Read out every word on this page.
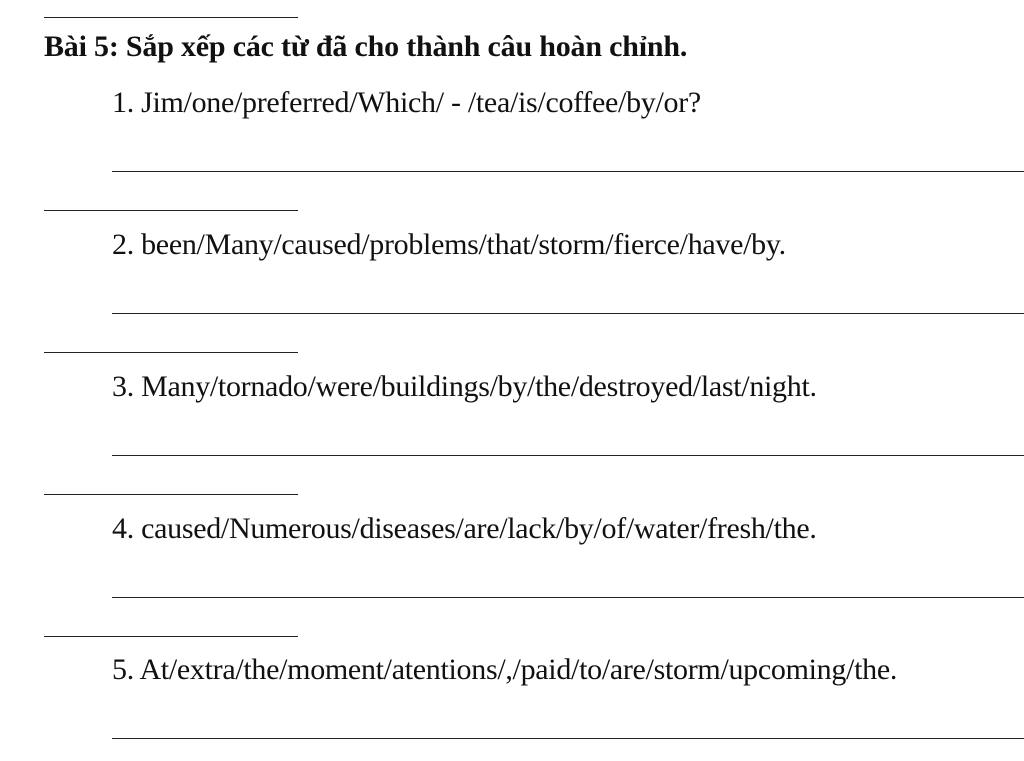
Bài 5: Sắp xếp các từ đã cho thành câu hoàn chỉnh.
1. Jim/one/preferred/Which/ - /tea/is/coffee/by/or?
2. been/Many/caused/problems/that/storm/fierce/have/by.
3. Many/tornado/were/buildings/by/the/destroyed/last/night.
4. caused/Numerous/diseases/are/lack/by/of/water/fresh/the.
5. At/extra/the/moment/atentions/,/paid/to/are/storm/upcoming/the.
